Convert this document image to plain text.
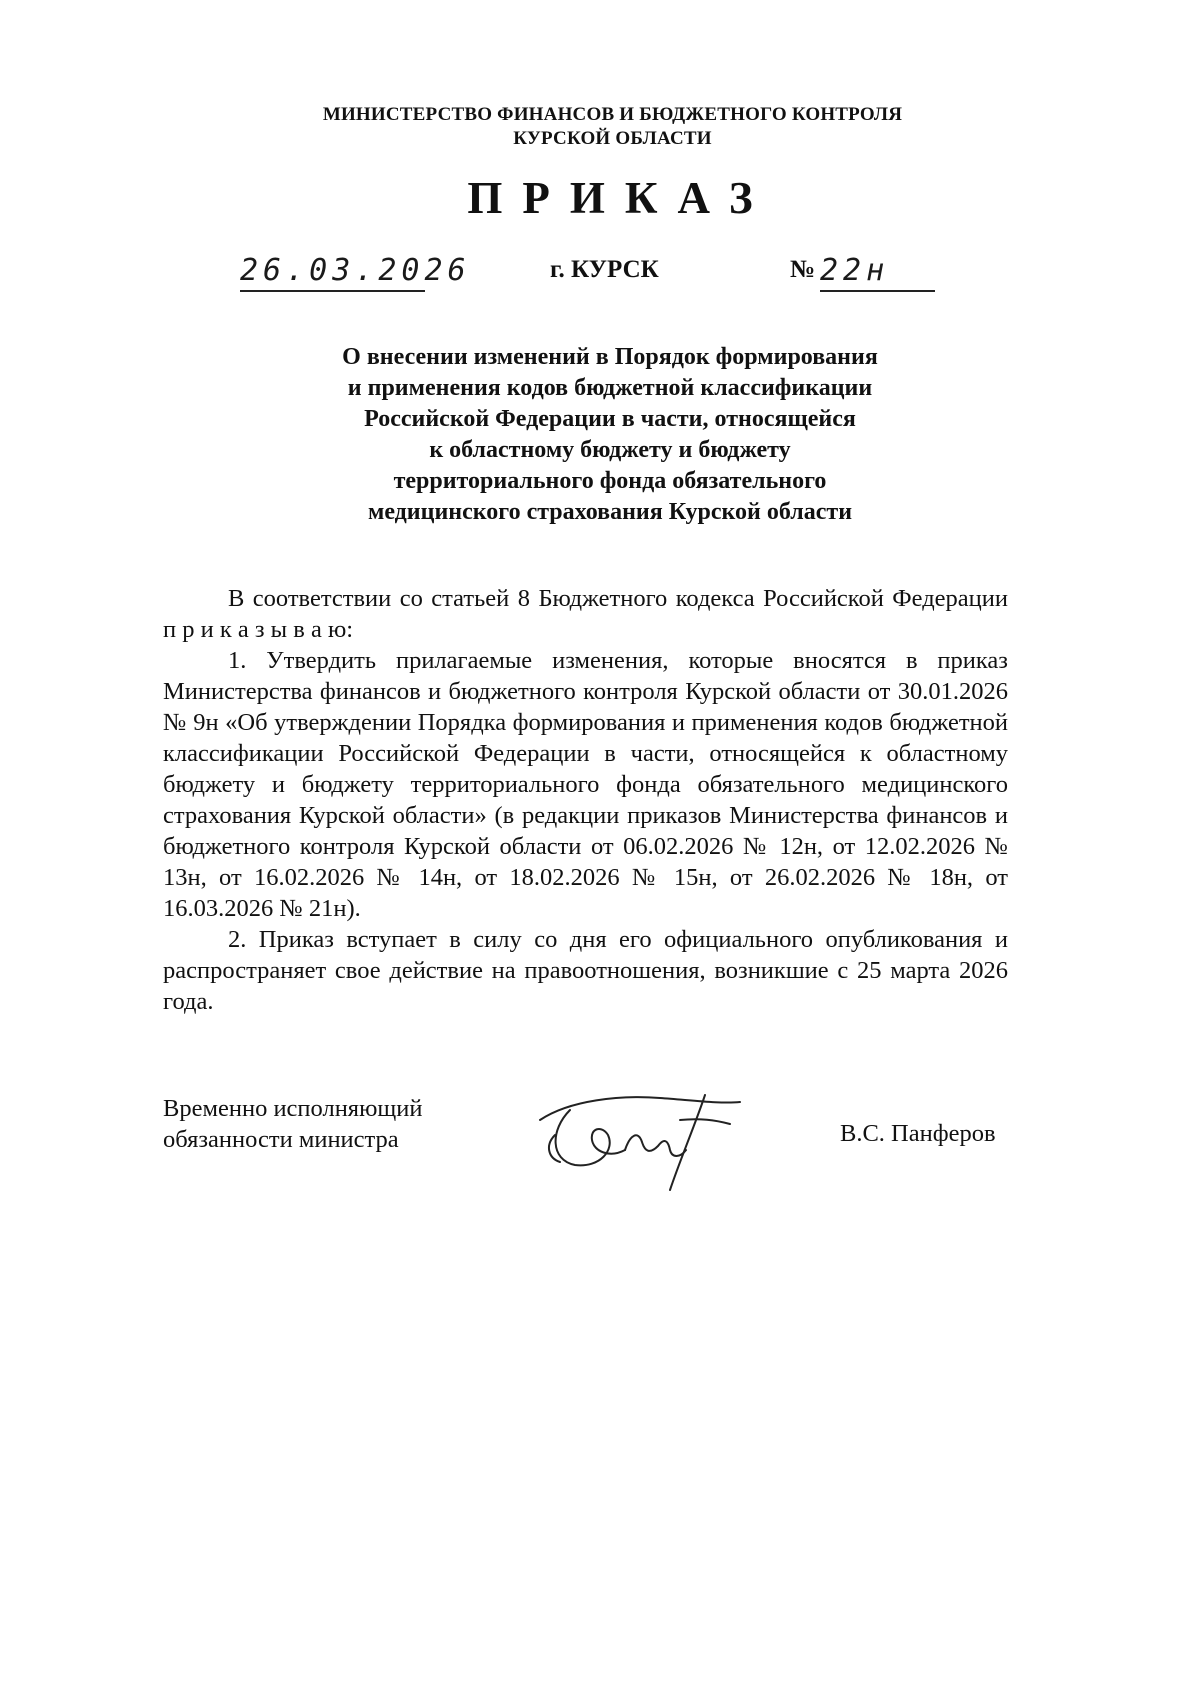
МИНИСТЕРСТВО ФИНАНСОВ И БЮДЖЕТНОГО КОНТРОЛЯ
КУРСКОЙ ОБЛАСТИ
ПРИКАЗ
26.03.2026	г. КУРСК	№ 22н
О внесении изменений в Порядок формирования
и применения кодов бюджетной классификации
Российской Федерации в части, относящейся
к областному бюджету и бюджету
территориального фонда обязательного
медицинского страхования Курской области

В соответствии со статьей 8 Бюджетного кодекса Российской Федерации п р и к а з ы в а ю:

1. Утвердить прилагаемые изменения, которые вносятся в приказ Министерства финансов и бюджетного контроля Курской области от 30.01.2026 № 9н «Об утверждении Порядка формирования и применения кодов бюджетной классификации Российской Федерации в части, относящейся к областному бюджету и бюджету территориального фонда обязательного медицинского страхования Курской области» (в редакции приказов Министерства финансов и бюджетного контроля Курской области от 06.02.2026 № 12н, от 12.02.2026 № 13н, от 16.02.2026 № 14н, от 18.02.2026 № 15н, от 26.02.2026 № 18н, от 16.03.2026 № 21н).

2. Приказ вступает в силу со дня его официального опубликования и распространяет свое действие на правоотношения, возникшие с 25 марта 2026 года.

Временно исполняющий
обязанности министра	В.С. Панферов
